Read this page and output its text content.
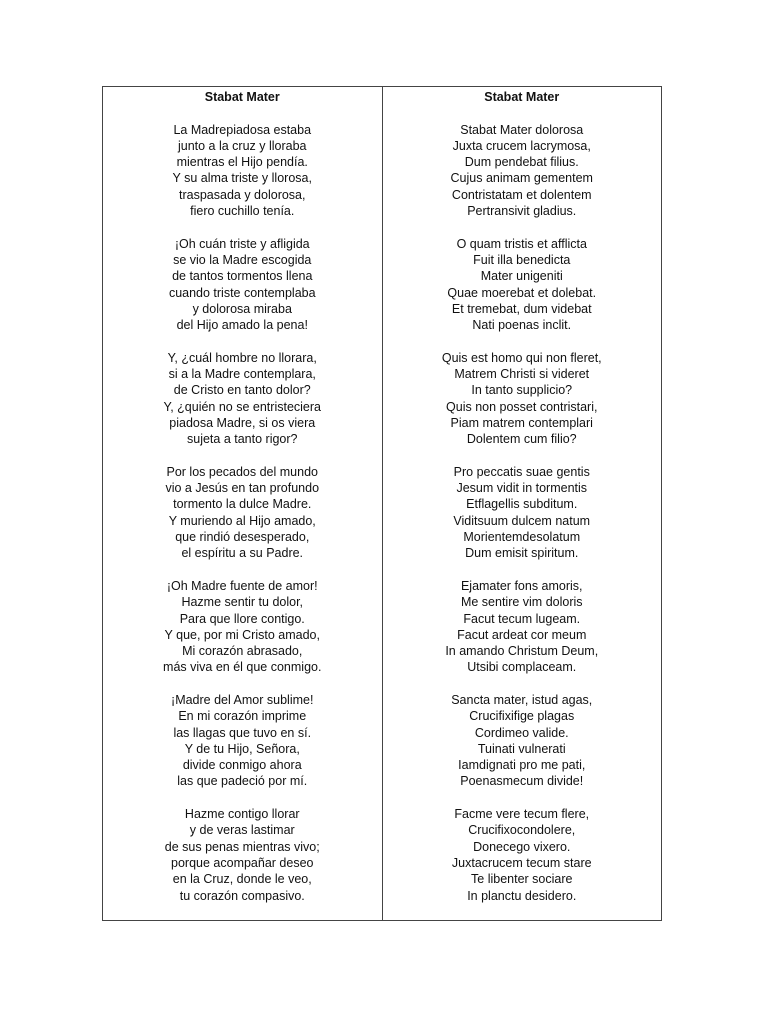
Stabat Mater
La Madrepiadosa estaba
junto a la cruz y lloraba
mientras el Hijo pendía.
Y su alma triste y llorosa,
traspasada y dolorosa,
fiero cuchillo tenía.
¡Oh cuán triste y afligida
se vio la Madre escogida
de tantos tormentos llena
cuando triste contemplaba
y dolorosa miraba
del Hijo amado la pena!
Y, ¿cuál hombre no llorara,
si a la Madre contemplara,
de Cristo en tanto dolor?
Y, ¿quién no se entristeciera
piadosa Madre, si os viera
sujeta a tanto rigor?
Por los pecados del mundo
vio a Jesús en tan profundo
tormento la dulce Madre.
Y muriendo al Hijo amado,
que rindió desesperado,
el espíritu a su Padre.
¡Oh Madre fuente de amor!
Hazme sentir tu dolor,
Para que llore contigo.
Y que, por mi Cristo amado,
Mi corazón abrasado,
más viva en él que conmigo.
¡Madre del Amor sublime!
En mi corazón imprime
las llagas que tuvo en sí.
Y de tu Hijo, Señora,
divide conmigo ahora
las que padeció por mí.
Hazme contigo llorar
y de veras lastimar
de sus penas mientras vivo;
porque acompañar deseo
en la Cruz, donde le veo,
tu corazón compasivo.
Stabat Mater
Stabat Mater dolorosa
Juxta crucem lacrymosa,
Dum pendebat filius.
Cujus animam gementem
Contristatam et dolentem
Pertransivit gladius.
O quam tristis et afflicta
Fuit illa benedicta
Mater unigeniti
Quae moerebat et dolebat.
Et tremebat, dum videbat
Nati poenas inclit.
Quis est homo qui non fleret,
Matrem Christi si videret
In tanto supplicio?
Quis non posset contristari,
Piam matrem contemplari
Dolentem cum filio?
Pro peccatis suae gentis
Jesum vidit in tormentis
Etflagellis subditum.
Viditsuum dulcem natum
Morientemdesolatum
Dum emisit spiritum.
Ejamater fons amoris,
Me sentire vim doloris
Facut tecum lugeam.
Facut ardeat cor meum
In amando Christum Deum,
Utsibi complaceam.
Sancta mater, istud agas,
Crucifixifige plagas
Cordimeo valide.
Tuinati vulnerati
Iamdignati pro me pati,
Poenasmecum divide!
Facme vere tecum flere,
Crucifixocondolere,
Donecego vixero.
Juxtacrucem tecum stare
Te libenter sociare
In planctu desidero.
